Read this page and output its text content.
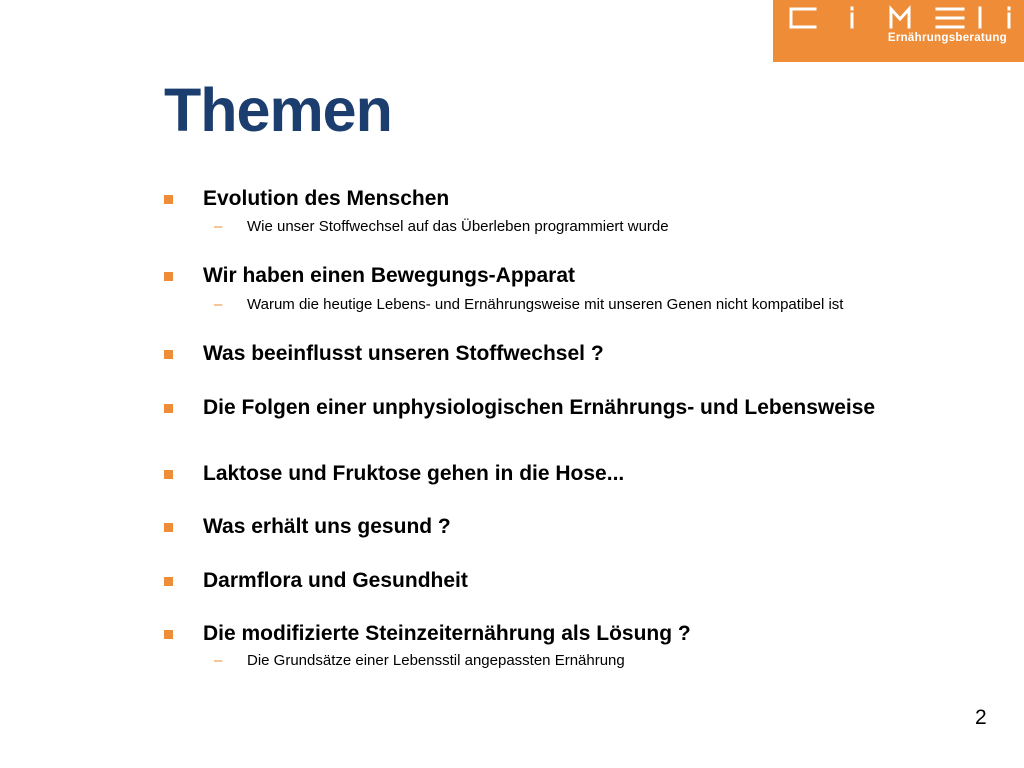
Ernährungsberatung
Themen
Evolution des Menschen
– Wie unser Stoffwechsel auf das Überleben programmiert wurde
Wir haben einen Bewegungs-Apparat
– Warum die heutige Lebens- und Ernährungsweise mit unseren Genen nicht kompatibel ist
Was beeinflusst unseren Stoffwechsel ?
Die Folgen einer unphysiologischen Ernährungs- und Lebensweise
Laktose und Fruktose gehen in die Hose...
Was erhält uns gesund ?
Darmflora und Gesundheit
Die modifizierte Steinzeiternährung als Lösung ?
– Die Grundsätze einer Lebensstil angepassten Ernährung
2
